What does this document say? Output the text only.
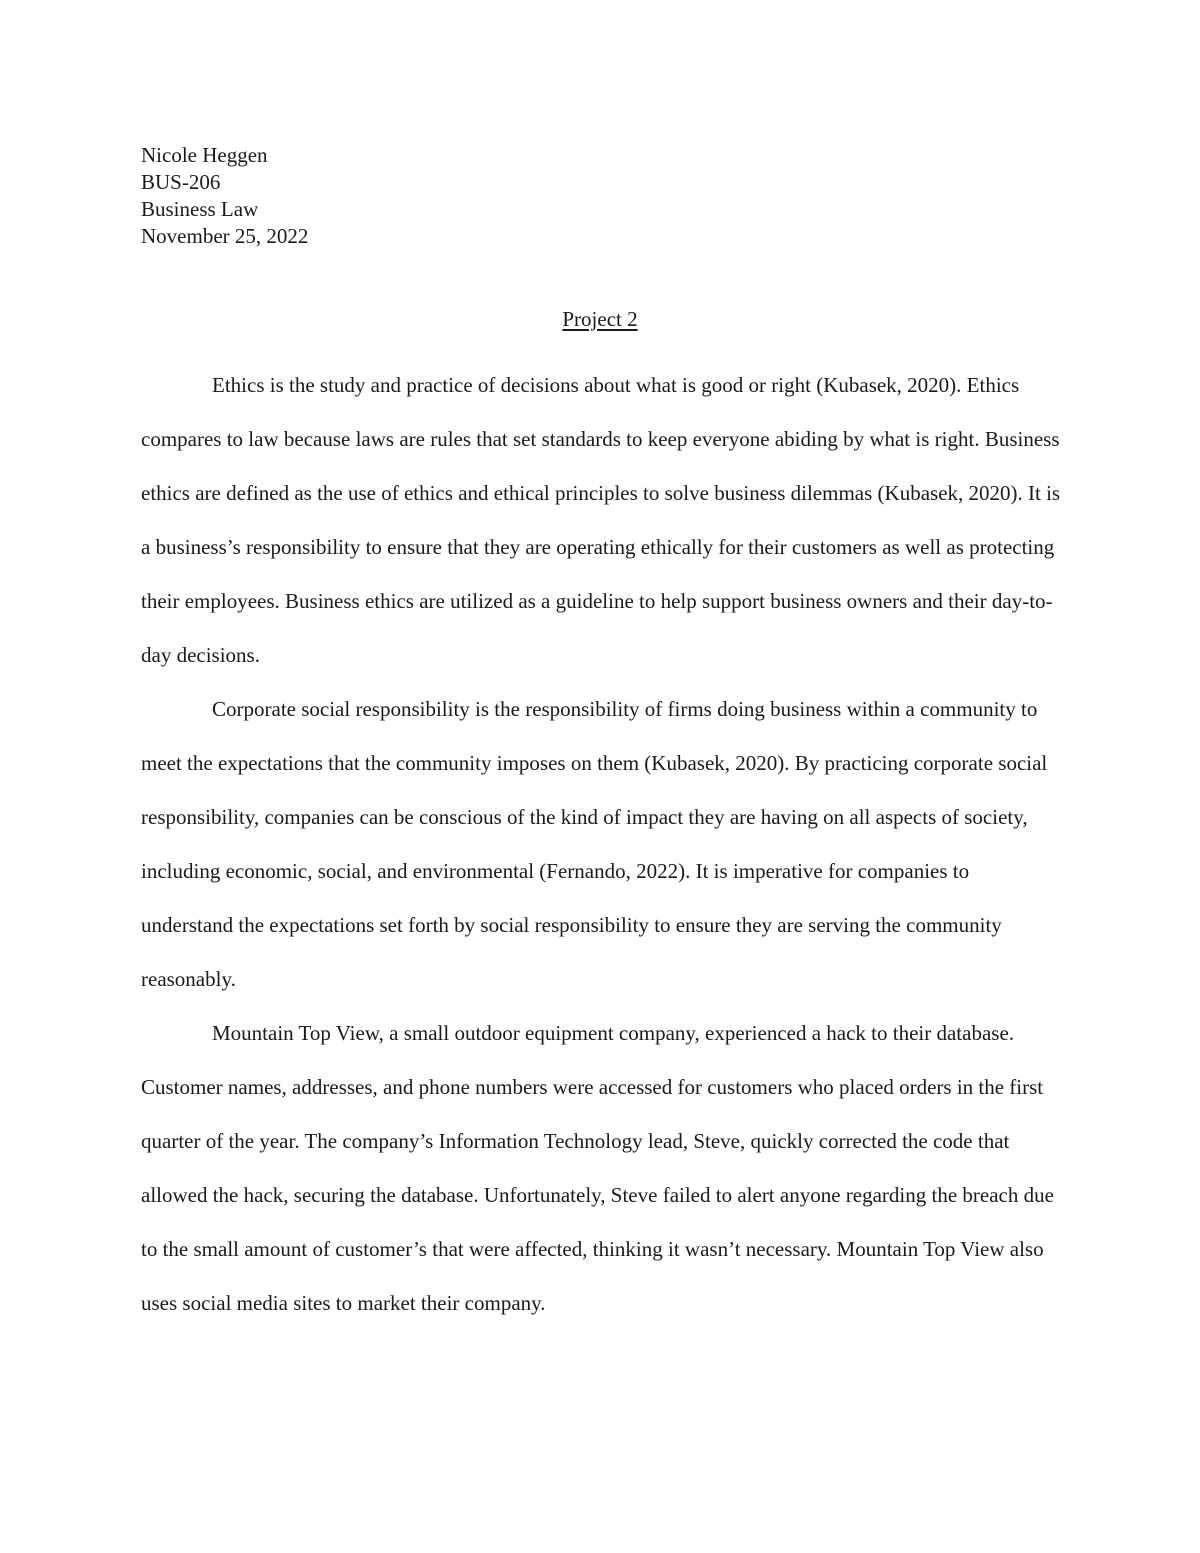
Nicole Heggen
BUS-206
Business Law
November 25, 2022
Project 2

Ethics is the study and practice of decisions about what is good or right (Kubasek, 2020). Ethics compares to law because laws are rules that set standards to keep everyone abiding by what is right. Business ethics are defined as the use of ethics and ethical principles to solve business dilemmas (Kubasek, 2020). It is a business’s responsibility to ensure that they are operating ethically for their customers as well as protecting their employees. Business ethics are utilized as a guideline to help support business owners and their day-to-day decisions.

Corporate social responsibility is the responsibility of firms doing business within a community to meet the expectations that the community imposes on them (Kubasek, 2020). By practicing corporate social responsibility, companies can be conscious of the kind of impact they are having on all aspects of society, including economic, social, and environmental (Fernando, 2022). It is imperative for companies to understand the expectations set forth by social responsibility to ensure they are serving the community reasonably.

Mountain Top View, a small outdoor equipment company, experienced a hack to their database. Customer names, addresses, and phone numbers were accessed for customers who placed orders in the first quarter of the year. The company’s Information Technology lead, Steve, quickly corrected the code that allowed the hack, securing the database. Unfortunately, Steve failed to alert anyone regarding the breach due to the small amount of customer’s that were affected, thinking it wasn’t necessary. Mountain Top View also uses social media sites to market their company.
